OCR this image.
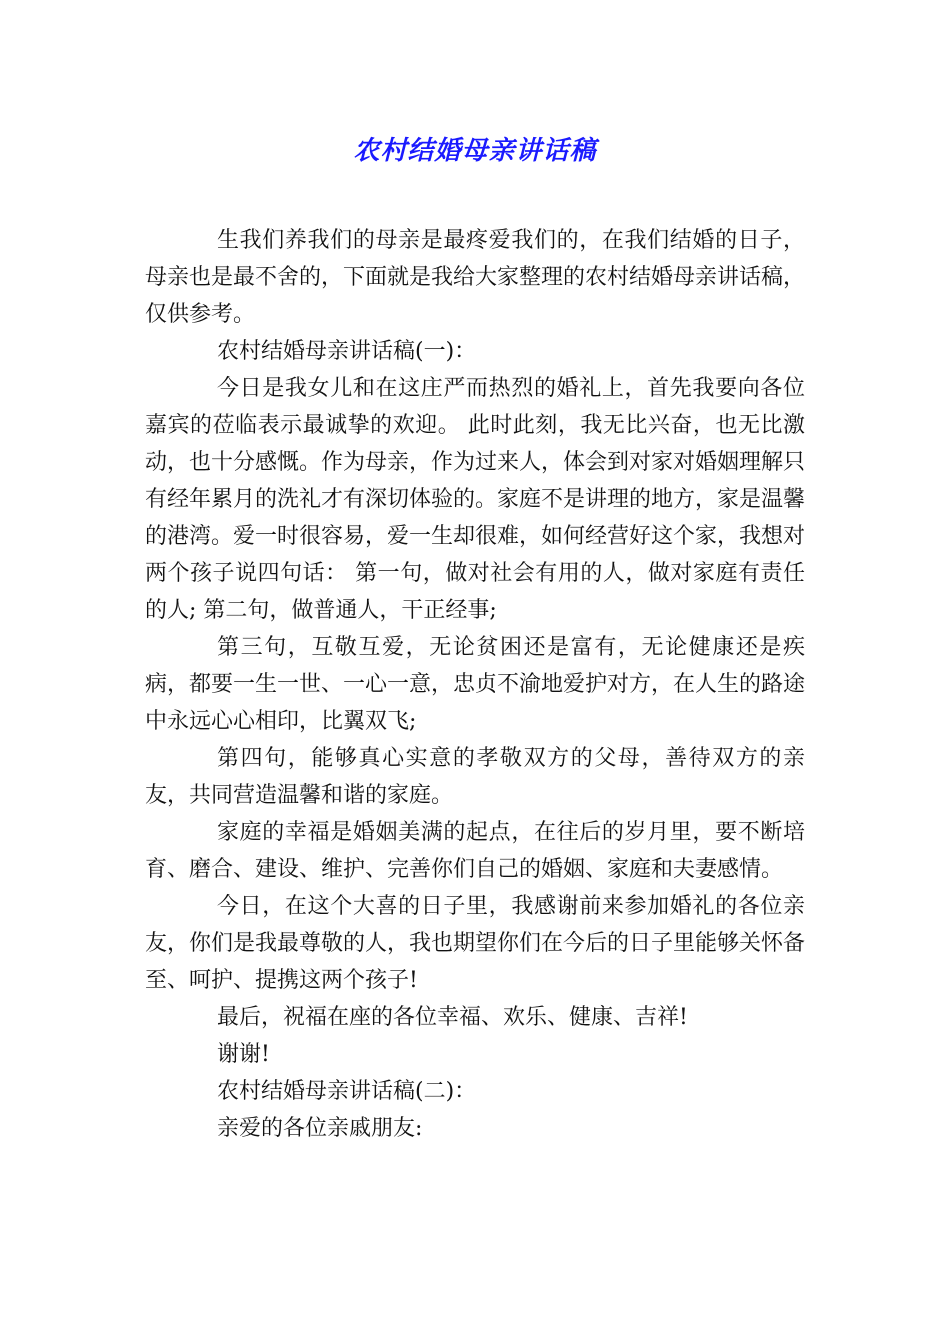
农村结婚母亲讲话稿

生我们养我们的母亲是最疼爱我们的，在我们结婚的日子，母亲也是最不舍的，下面就是我给大家整理的农村结婚母亲讲话稿，仅供参考。

农村结婚母亲讲话稿(一)：

今日是我女儿和在这庄严而热烈的婚礼上，首先我要向各位嘉宾的莅临表示最诚挚的欢迎。 此时此刻，我无比兴奋，也无比激动，也十分感慨。作为母亲，作为过来人，体会到对家对婚姻理解只有经年累月的洗礼才有深切体验的。家庭不是讲理的地方，家是温馨的港湾。爱一时很容易，爱一生却很难，如何经营好这个家，我想对两个孩子说四句话： 第一句，做对社会有用的人，做对家庭有责任的人; 第二句，做普通人，干正经事;

第三句，互敬互爱，无论贫困还是富有，无论健康还是疾病，都要一生一世、一心一意，忠贞不渝地爱护对方，在人生的路途中永远心心相印，比翼双飞;

第四句，能够真心实意的孝敬双方的父母，善待双方的亲友，共同营造温馨和谐的家庭。

家庭的幸福是婚姻美满的起点，在往后的岁月里，要不断培育、磨合、建设、维护、完善你们自己的婚姻、家庭和夫妻感情。

今日，在这个大喜的日子里，我感谢前来参加婚礼的各位亲友，你们是我最尊敬的人，我也期望你们在今后的日子里能够关怀备至、呵护、提携这两个孩子!

最后，祝福在座的各位幸福、欢乐、健康、吉祥!

谢谢!

农村结婚母亲讲话稿(二)：

亲爱的各位亲戚朋友:
